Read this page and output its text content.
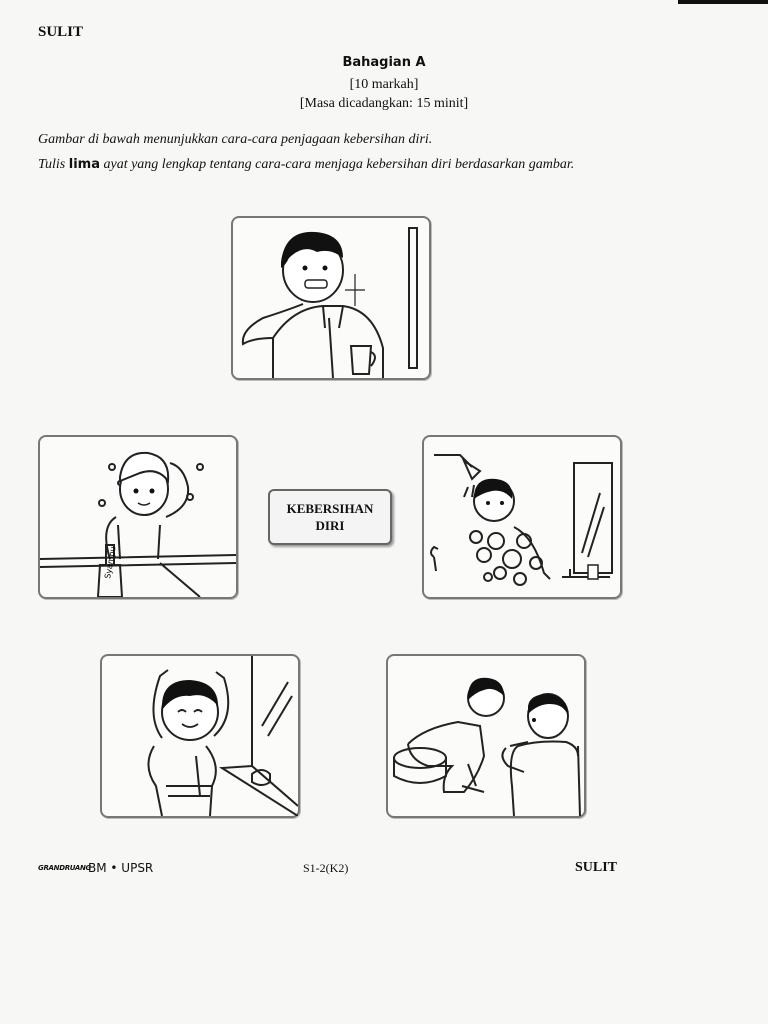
SULIT
Bahagian A
[10 markah]
[Masa dicadangkan: 15 minit]
Gambar di bawah menunjukkan cara-cara penjagaan kebersihan diri.
Tulis lima ayat yang lengkap tentang cara-cara menjaga kebersihan diri berdasarkan gambar.
Syampu
KEBERSIHAN
DIRI
GRANDRUANG
BM • UPSR	S1-2(K2)	SULIT
